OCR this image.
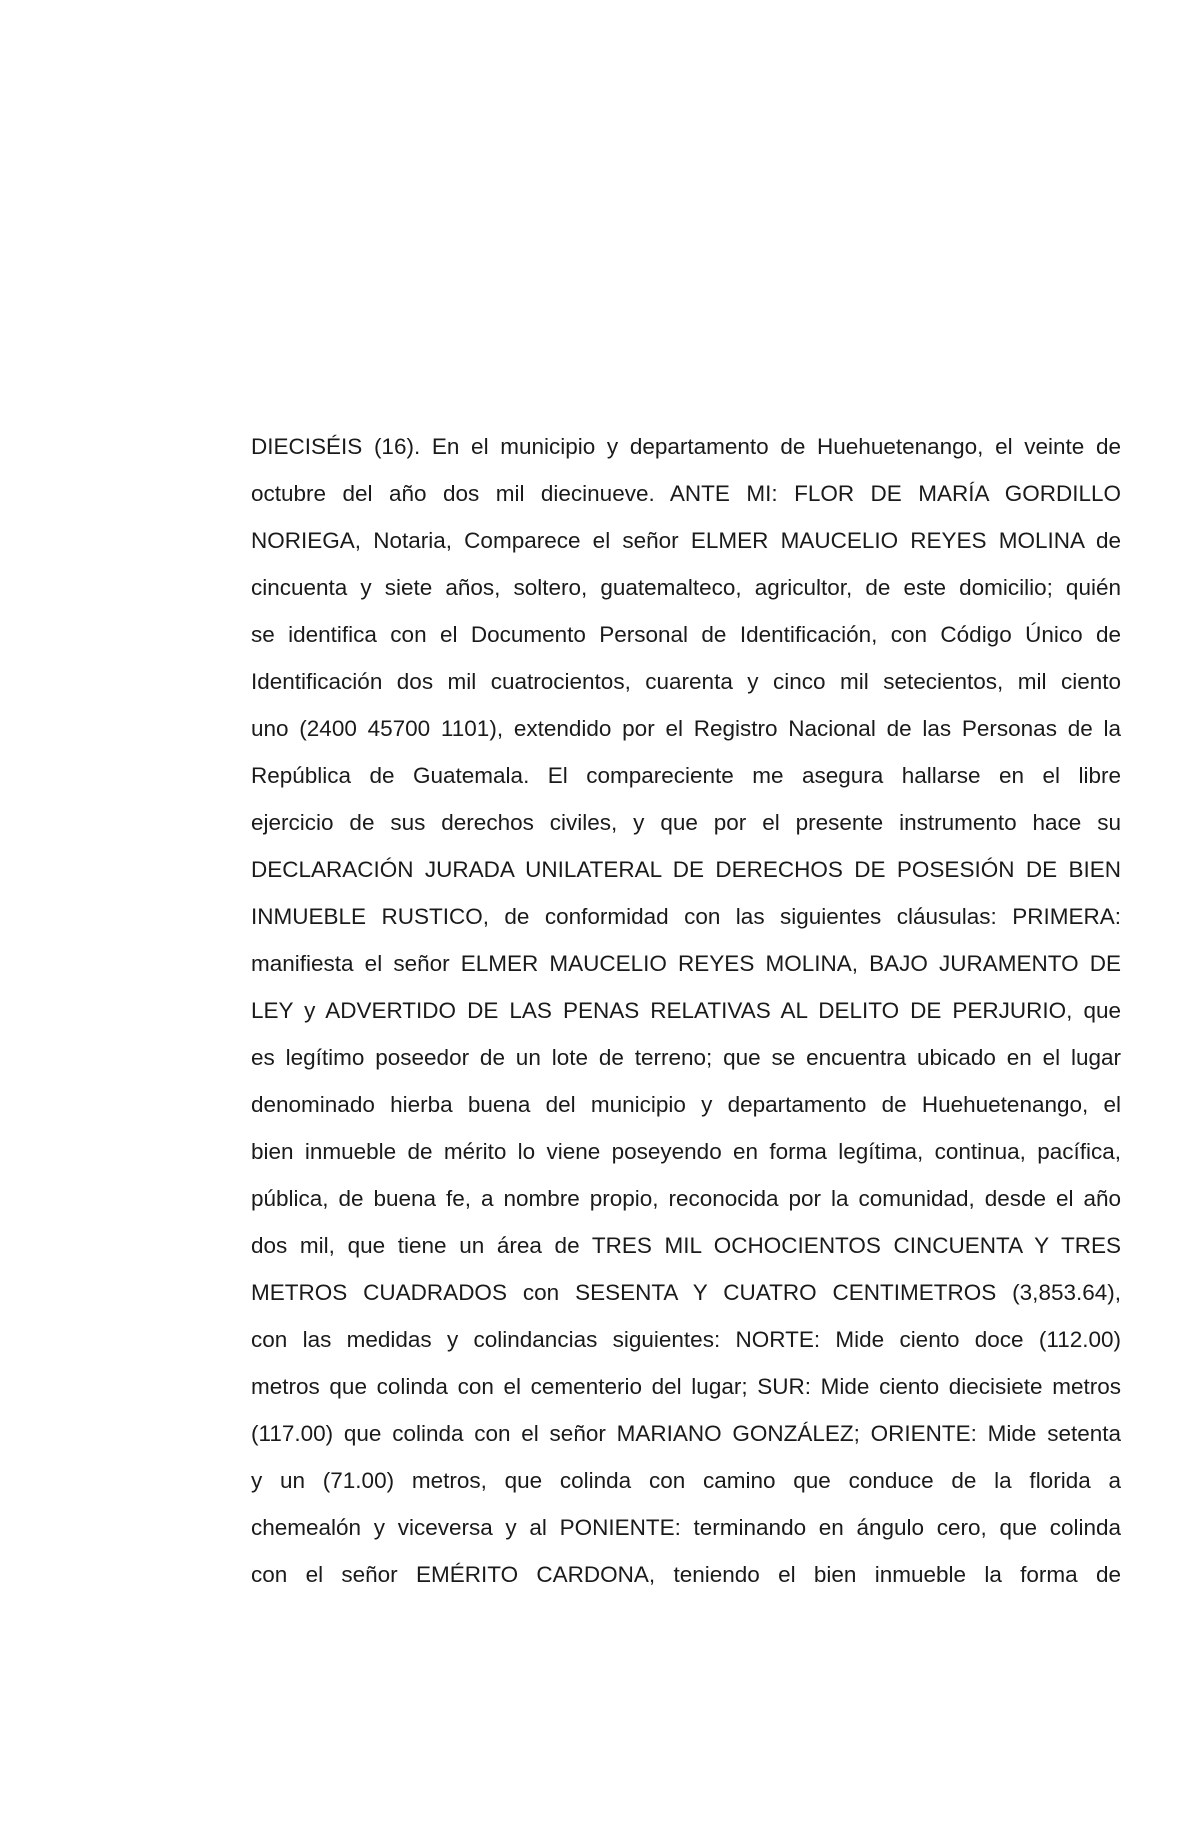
DIECISÉIS (16). En el municipio y departamento de Huehuetenango, el veinte de
octubre del año dos mil diecinueve. ANTE MI: FLOR DE MARÍA GORDILLO
NORIEGA, Notaria, Comparece el señor ELMER MAUCELIO REYES MOLINA de
cincuenta y siete años, soltero, guatemalteco, agricultor, de este domicilio; quién
se identifica con el Documento Personal de Identificación, con Código Único de
Identificación dos mil cuatrocientos, cuarenta y cinco mil setecientos, mil ciento
uno (2400 45700 1101), extendido por el Registro Nacional de las Personas de la
República de Guatemala. El compareciente me asegura hallarse en el libre
ejercicio de sus derechos civiles, y que por el presente instrumento hace su
DECLARACIÓN JURADA UNILATERAL DE DERECHOS DE POSESIÓN DE BIEN
INMUEBLE RUSTICO, de conformidad con las siguientes cláusulas: PRIMERA:
manifiesta el señor ELMER MAUCELIO REYES MOLINA, BAJO JURAMENTO DE
LEY y ADVERTIDO DE LAS PENAS RELATIVAS AL DELITO DE PERJURIO, que
es legítimo poseedor de un lote de terreno; que se encuentra ubicado en el lugar
denominado hierba buena del municipio y departamento de Huehuetenango, el
bien inmueble de mérito lo viene poseyendo en forma legítima, continua, pacífica,
pública, de buena fe, a nombre propio, reconocida por la comunidad, desde el año
dos mil, que tiene un área de TRES MIL OCHOCIENTOS CINCUENTA Y TRES
METROS CUADRADOS con SESENTA Y CUATRO CENTIMETROS (3,853.64),
con las medidas y colindancias siguientes: NORTE: Mide ciento doce (112.00)
metros que colinda con el cementerio del lugar; SUR: Mide ciento diecisiete metros
(117.00) que colinda con el señor MARIANO GONZÁLEZ; ORIENTE: Mide setenta
y un (71.00) metros, que colinda con camino que conduce de la florida a
chemealón y viceversa y al PONIENTE: terminando en ángulo cero, que colinda
con el señor EMÉRITO CARDONA, teniendo el bien inmueble la forma de
